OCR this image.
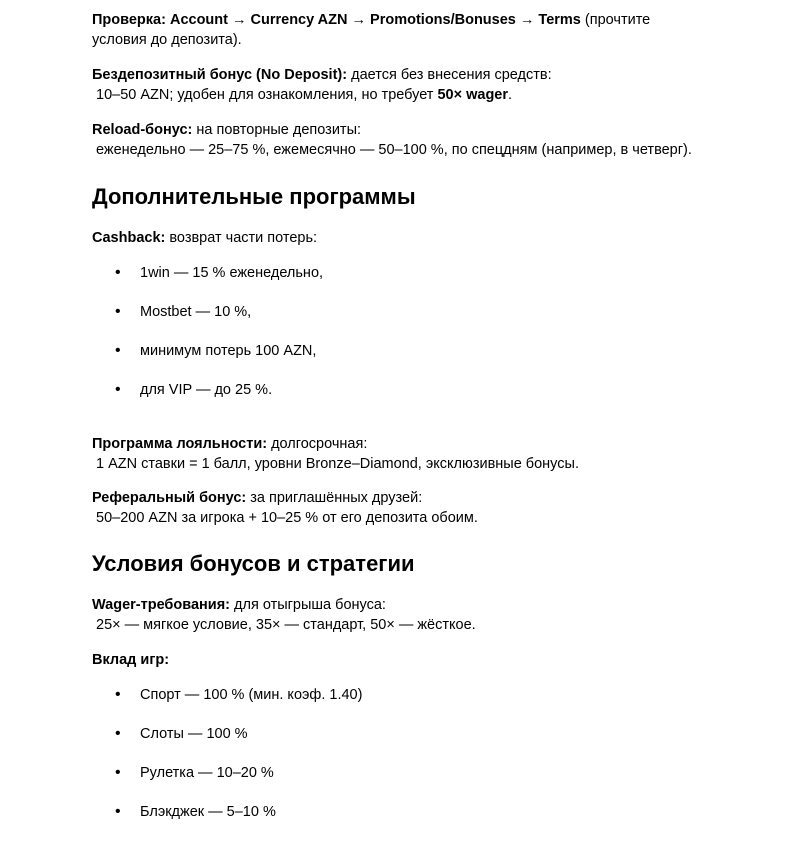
Проверка: Account → Currency AZN → Promotions/Bonuses → Terms (прочтите
условия до депозита).

Бездепозитный бонус (No Deposit): дается без внесения средств:
10–50 AZN; удобен для ознакомления, но требует 50× wager.

Reload-бонус: на повторные депозиты:
еженедельно — 25–75 %, ежемесячно — 50–100 %, по спецдням (например, в четверг).

Дополнительные программы

Cashback: возврат части потерь:

• 1win — 15 % еженедельно,
• Mostbet — 10 %,
• минимум потерь 100 AZN,
• для VIP — до 25 %.

Программа лояльности: долгосрочная:
1 AZN ставки = 1 балл, уровни Bronze–Diamond, эксклюзивные бонусы.

Реферальный бонус: за приглашённых друзей:
50–200 AZN за игрока + 10–25 % от его депозита обоим.

Условия бонусов и стратегии

Wager-требования: для отыгрыша бонуса:
25× — мягкое условие, 35× — стандарт, 50× — жёсткое.

Вклад игр:

• Спорт — 100 % (мин. коэф. 1.40)
• Слоты — 100 %
• Рулетка — 10–20 %
• Блэкджек — 5–10 %
